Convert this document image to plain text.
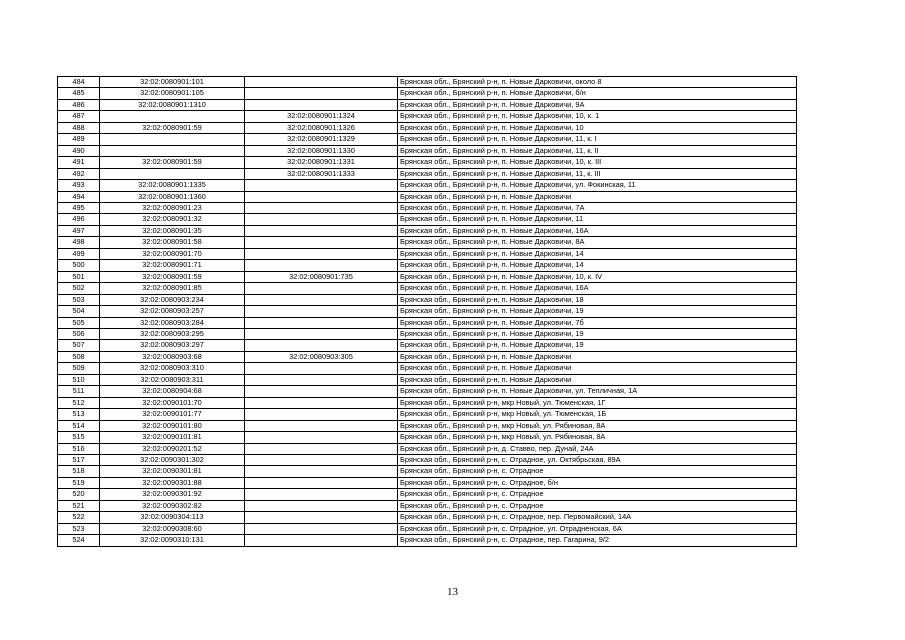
484	32:02:0080901:101		Брянская обл., Брянский р-н, п. Новые Дарковичи, около 8
485	32:02:0080901:105		Брянская обл., Брянский р-н, п. Новые Дарковичи, б/н
486	32:02:0080901:1310		Брянская обл., Брянский р-н, п. Новые Дарковичи, 9А
487		32:02:0080901:1324	Брянская обл., Брянский р-н, п. Новые Дарковичи, 10, к. 1
488	32:02:0080901:59	32:02:0080901:1326	Брянская обл., Брянский р-н, п. Новые Дарковичи, 10
489		32:02:0080901:1329	Брянская обл., Брянский р-н, п. Новые Дарковичи, 11, к. I
490		32:02:0080901:1330	Брянская обл., Брянский р-н, п. Новые Дарковичи, 11, к. II
491	32:02:0080901:59	32:02:0080901:1331	Брянская обл., Брянский р-н, п. Новые Дарковичи, 10, к. III
492		32:02:0080901:1333	Брянская обл., Брянский р-н, п. Новые Дарковичи, 11, к. III
493	32:02:0080901:1335		Брянская обл., Брянский р-н, п. Новые Дарковичи, ул. Фокинская, 11
494	32:02:0080901:1360		Брянская обл., Брянский р-н, п. Новые Дарковичи
495	32:02:0080901:23		Брянская обл., Брянский р-н, п. Новые Дарковичи, 7А
496	32:02:0080901:32		Брянская обл., Брянский р-н, п. Новые Дарковичи, 11
497	32:02:0080901:35		Брянская обл., Брянский р-н, п. Новые Дарковичи, 16А
498	32:02:0080901:58		Брянская обл., Брянский р-н, п. Новые Дарковичи, 8А
499	32:02:0080901:70		Брянская обл., Брянский р-н, п. Новые Дарковичи, 14
500	32:02:0080901:71		Брянская обл., Брянский р-н, п. Новые Дарковичи, 14
501	32:02:0080901:59	32:02:0080901:735	Брянская обл., Брянский р-н, п. Новые Дарковичи, 10, к. IV
502	32:02:0080901:85		Брянская обл., Брянский р-н, п. Новые Дарковичи, 16А
503	32:02:0080903:234		Брянская обл., Брянский р-н, п. Новые Дарковичи, 18
504	32:02:0080903:257		Брянская обл., Брянский р-н, п. Новые Дарковичи, 19
505	32:02:0080903:284		Брянская обл., Брянский р-н, п. Новые Дарковичи, 7б
506	32:02:0080903:295		Брянская обл., Брянский р-н, п. Новые Дарковичи, 19
507	32:02:0080903:297		Брянская обл., Брянский р-н, п. Новые Дарковичи, 19
508	32:02:0080903:68	32:02:0080903:305	Брянская обл., Брянский р-н, п. Новые Дарковичи
509	32:02:0080903:310		Брянская обл., Брянский р-н, п. Новые Дарковичи
510	32:02:0080903:311		Брянская обл., Брянский р-н, п. Новые Дарковичи
511	32:02:0080904:68		Брянская обл., Брянский р-н, п. Новые Дарковичи, ул. Тепличная, 1А
512	32:02:0090101:70		Брянская обл., Брянский р-н, мкр Новый, ул. Тюменская, 1Г
513	32:02:0090101:77		Брянская обл., Брянский р-н, мкр Новый, ул. Тюменская, 1Б
514	32:02:0090101:80		Брянская обл., Брянский р-н, мкр Новый, ул. Рябиновая, 8А
515	32:02:0090101:81		Брянская обл., Брянский р-н, мкр Новый, ул. Рябиновая, 8А
516	32:02:0090201:52		Брянская обл., Брянский р-н, д. Ставво, пер. Дунай, 24А
517	32:02:0090301:302		Брянская обл., Брянский р-н, с. Отрадное, ул. Октябрьская, 89А
518	32:02:0090301:81		Брянская обл., Брянский р-н, с. Отрадное
519	32:02:0090301:88		Брянская обл., Брянский р-н, с. Отрадное, б/н
520	32:02:0090301:92		Брянская обл., Брянский р-н, с. Отрадное
521	32:02:0090302:82		Брянская обл., Брянский р-н, с. Отрадное
522	32:02:0090304:113		Брянская обл., Брянский р-н, с. Отрадное, пер. Первомайский, 14А
523	32:02:0090308:60		Брянская обл., Брянский р-н, с. Отрадное, ул. Отрадненская, 6А
524	32:02:0090310:131		Брянская обл., Брянский р-н, с. Отрадное, пер. Гагарина, 9/2
13
